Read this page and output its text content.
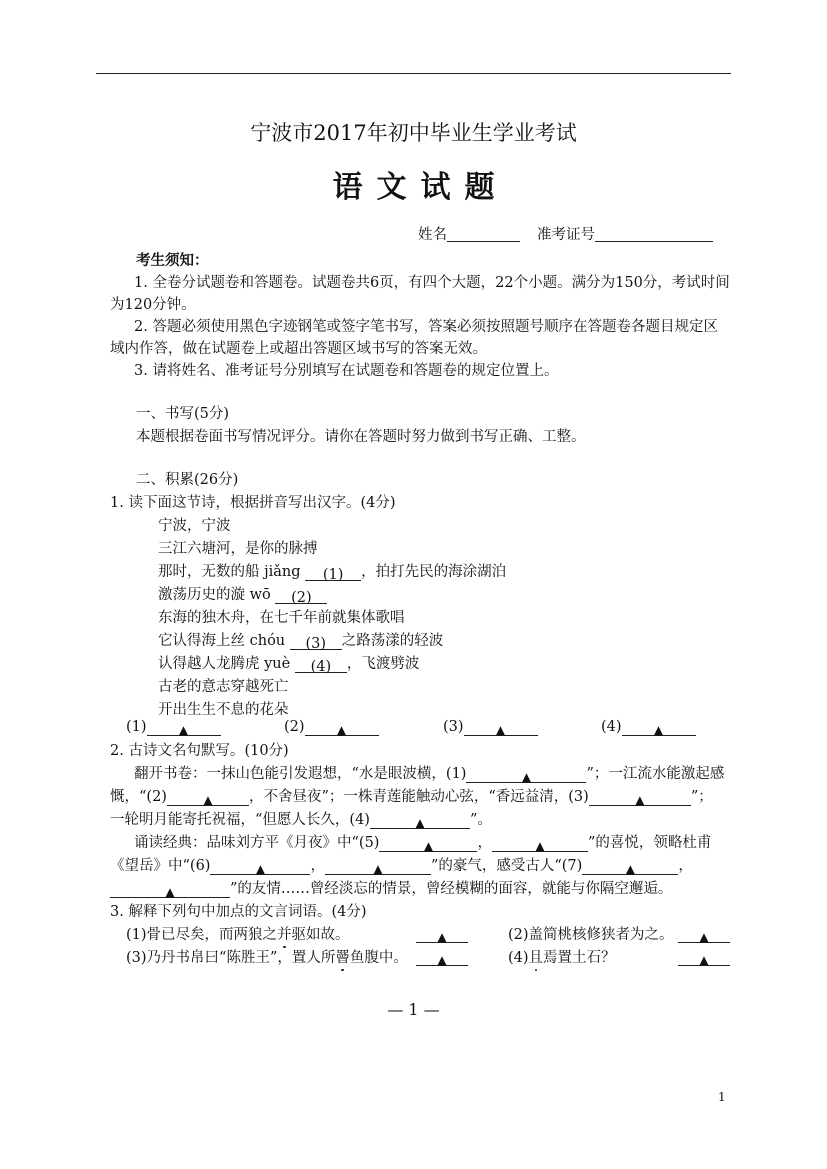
宁波市2017年初中毕业生学业考试
语文试题
姓名	准考证号
考生须知：
1. 全卷分试题卷和答题卷。试题卷共6页，有四个大题，22个小题。满分为150分，考试时间
为120分钟。
2. 答题必须使用黑色字迹钢笔或签字笔书写，答案必须按照题号顺序在答题卷各题目规定区
域内作答，做在试题卷上或超出答题区域书写的答案无效。
3. 请将姓名、准考证号分别填写在试题卷和答题卷的规定位置上。
一、书写(5分)
本题根据卷面书写情况评分。请你在答题时努力做到书写正确、工整。
二、积累(26分)
1. 读下面这节诗，根据拼音写出汉字。(4分)
宁波，宁波
三江六塘河，是你的脉搏
那时，无数的船 jiǎng (1) ，拍打先民的海涂湖泊
激荡历史的漩 wō (2)
东海的独木舟，在七千年前就集体歌唱
它认得海上丝 chóu (3) 之路荡漾的轻波
认得越人龙腾虎 yuè (4) ，飞渡劈波
古老的意志穿越死亡
开出生生不息的花朵
(1)	▲	(2)	▲	(3)	▲	(4)	▲
2. 古诗文名句默写。(10分)
翻开书卷：一抹山色能引发遐想，“水是眼波横，(1)	▲	”；一江流水能激起感
慨，“(2)	▲	，不舍昼夜”；一株青莲能触动心弦，“香远益清，(3)	▲	”；
一轮明月能寄托祝福，“但愿人长久，(4)	▲	”。
诵读经典：品味刘方平《月夜》中“(5)	▲	，	▲	”的喜悦，领略杜甫
《望岳》中“(6)	▲	，	▲	”的豪气，感受古人“(7)	▲	，
▲	”的友情……曾经淡忘的情景，曾经模糊的面容，就能与你隔空邂逅。
3. 解释下列句中加点的文言词语。(4分)
(1)骨已尽矣，而两狼之并驱如故。	▲	(2)盖简桃核修狭者为之。	▲
(3)乃丹书帛曰“陈胜王”，置人所罾鱼腹中。	▲	(4)且焉置土石？	▲
— 1 —
1
